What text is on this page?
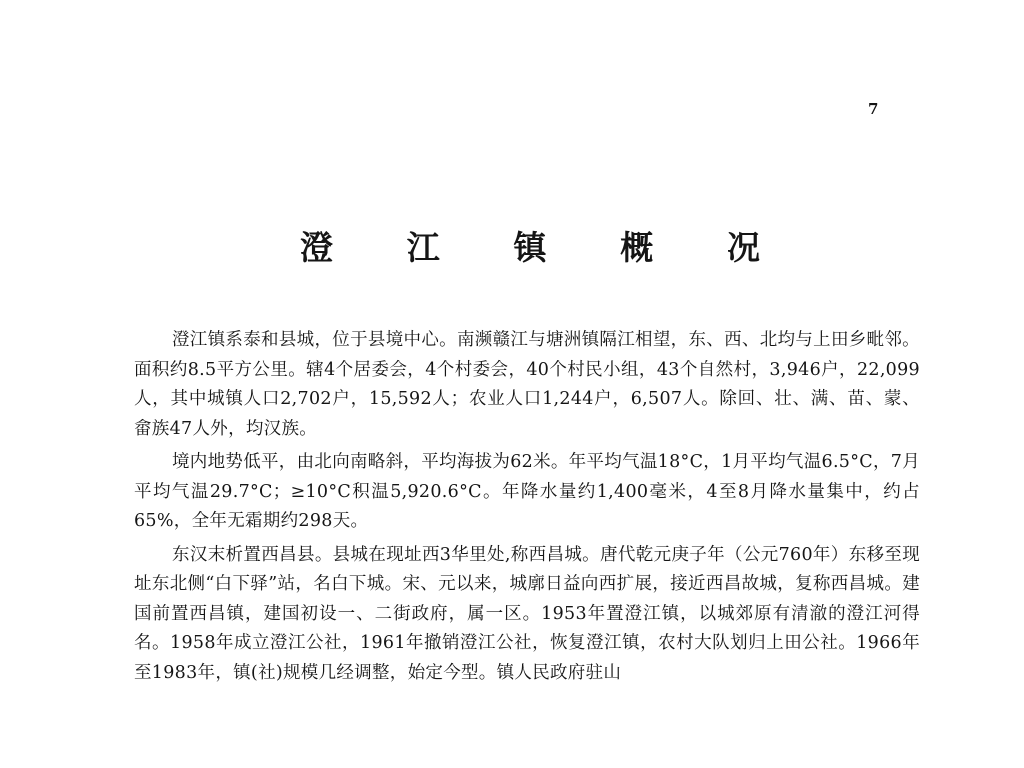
7
澄 江 镇 概 况

澄江镇系泰和县城，位于县境中心。南濒赣江与塘洲镇隔江相望，东、西、北均与上田乡毗邻。面积约8.5平方公里。辖4个居委会，4个村委会，40个村民小组，43个自然村，3,946户，22,099人，其中城镇人口2,702户，15,592人；农业人口1,244户，6,507人。除回、壮、满、苗、蒙、畲族47人外，均汉族。

境内地势低平，由北向南略斜，平均海拔为62米。年平均气温18°C，1月平均气温6.5°C，7月平均气温29.7°C；≥10°C积温5,920.6°C。年降水量约1,400毫米，4至8月降水量集中，约占65%，全年无霜期约298天。

东汉末析置西昌县。县城在现址西3华里处,称西昌城。唐代乾元庚子年（公元760年）东移至现址东北侧“白下驿”站，名白下城。宋、元以来，城廓日益向西扩展，接近西昌故城，复称西昌城。建国前置西昌镇，建国初设一、二街政府，属一区。1953年置澄江镇，以城郊原有清澈的澄江河得名。1958年成立澄江公社，1961年撤销澄江公社，恢复澄江镇，农村大队划归上田公社。1966年至1983年，镇(社)规模几经调整，始定今型。镇人民政府驻山
